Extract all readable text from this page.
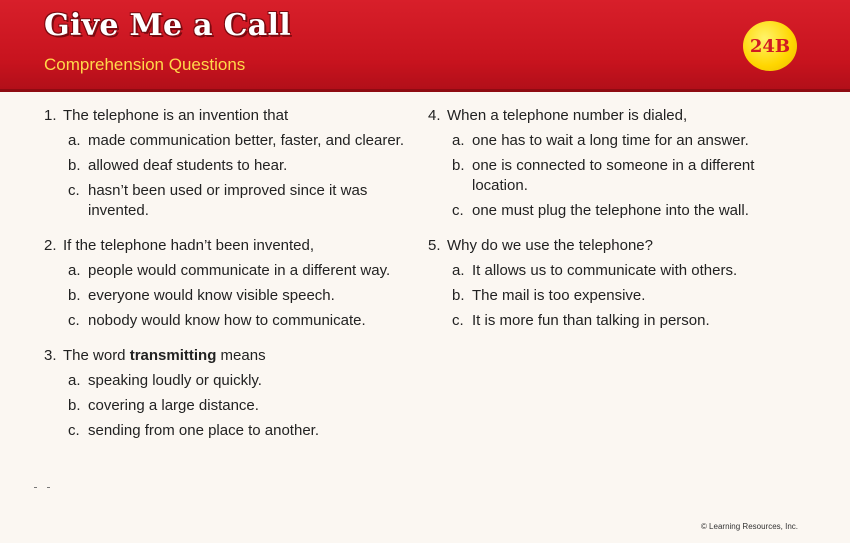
Give Me a Call
Comprehension Questions
24B
1. The telephone is an invention that
a. made communication better, faster, and clearer.
b. allowed deaf students to hear.
c. hasn’t been used or improved since it was invented.
2. If the telephone hadn’t been invented,
a. people would communicate in a different way.
b. everyone would know visible speech.
c. nobody would know how to communicate.
3. The word transmitting means
a. speaking loudly or quickly.
b. covering a large distance.
c. sending from one place to another.
4. When a telephone number is dialed,
a. one has to wait a long time for an answer.
b. one is connected to someone in a different location.
c. one must plug the telephone into the wall.
5. Why do we use the telephone?
a. It allows us to communicate with others.
b. The mail is too expensive.
c. It is more fun than talking in person.
© Learning Resources, Inc.
